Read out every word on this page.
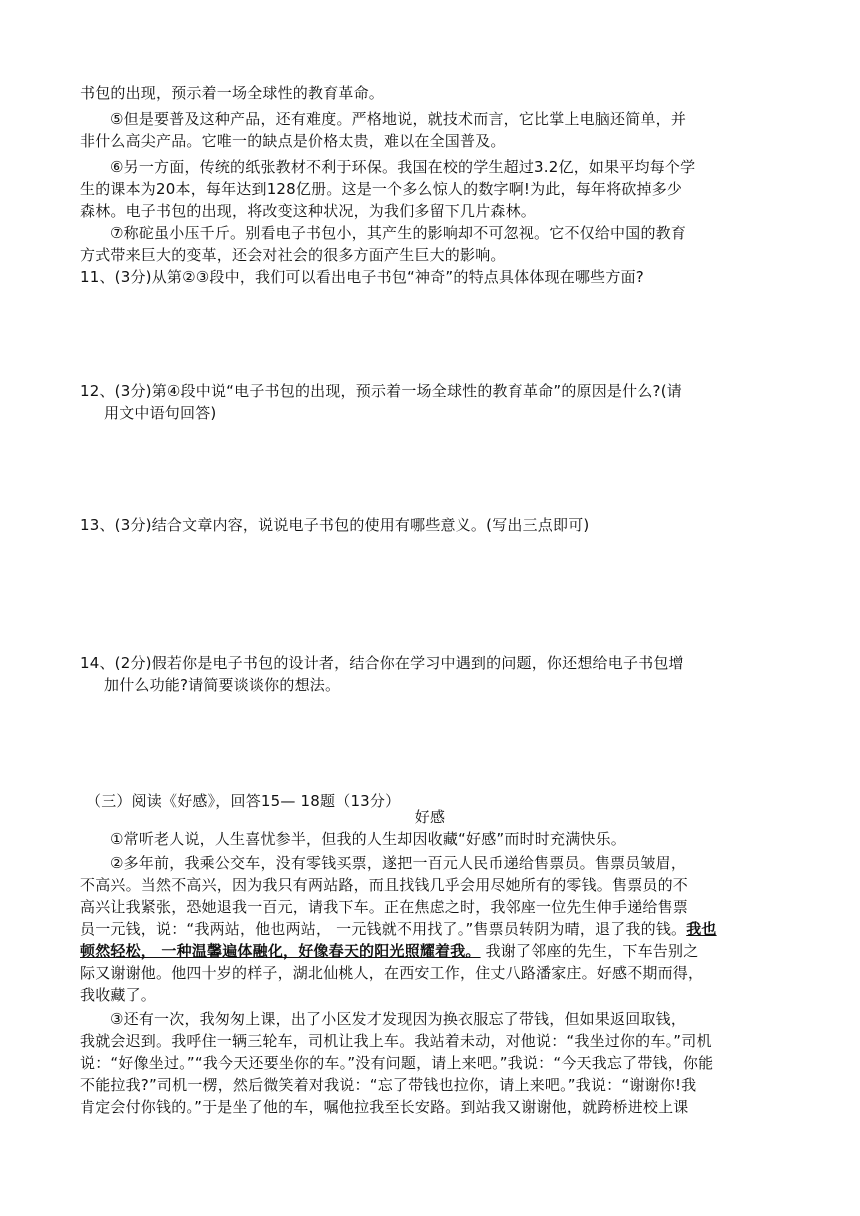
书包的出现，预示着一场全球性的教育革命。
⑤但是要普及这种产品，还有难度。严格地说，就技术而言，它比掌上电脑还简单，并
非什么高尖产品。它唯一的缺点是价格太贵，难以在全国普及。
⑥另一方面，传统的纸张教材不利于环保。我国在校的学生超过3.2亿，如果平均每个学
生的课本为20本，每年达到128亿册。这是一个多么惊人的数字啊!为此，每年将砍掉多少
森林。电子书包的出现，将改变这种状况，为我们多留下几片森林。
⑦称砣虽小压千斤。别看电子书包小，其产生的影响却不可忽视。它不仅给中国的教育
方式带来巨大的变革，还会对社会的很多方面产生巨大的影响。
11、(3分)从第②③段中，我们可以看出电子书包“神奇”的特点具体体现在哪些方面?
12、(3分)第④段中说“电子书包的出现，预示着一场全球性的教育革命”的原因是什么?(请
用文中语句回答)
13、(3分)结合文章内容，说说电子书包的使用有哪些意义。(写出三点即可)
14、(2分)假若你是电子书包的设计者，结合你在学习中遇到的问题，你还想给电子书包增
加什么功能?请简要谈谈你的想法。
（三）阅读《好感》，回答15— 18题（13分）
好感
①常听老人说，人生喜忧参半，但我的人生却因收藏“好感”而时时充满快乐。
②多年前，我乘公交车，没有零钱买票，遂把一百元人民币递给售票员。售票员皱眉，
不高兴。当然不高兴，因为我只有两站路，而且找钱几乎会用尽她所有的零钱。售票员的不
高兴让我紧张，恐她退我一百元，请我下车。正在焦虑之时，我邻座一位先生伸手递给售票
员一元钱，说：“我两站，他也两站， 一元钱就不用找了。”售票员转阴为晴，退了我的钱。我也
顿然轻松， 一种温馨遍体融化，好像春天的阳光照耀着我。 我谢了邻座的先生，下车告别之
际又谢谢他。他四十岁的样子，湖北仙桃人，在西安工作，住丈八路潘家庄。好感不期而得，
我收藏了。
③还有一次，我匆匆上课，出了小区发才发现因为换衣服忘了带钱，但如果返回取钱，
我就会迟到。我呼住一辆三轮车，司机让我上车。我站着未动，对他说：“我坐过你的车。”司机
说：“好像坐过。”“我今天还要坐你的车。”没有问题，请上来吧。”我说：“今天我忘了带钱，你能
不能拉我?”司机一楞，然后微笑着对我说：“忘了带钱也拉你，请上来吧。”我说：“谢谢你!我
肯定会付你钱的。”于是坐了他的车，嘱他拉我至长安路。到站我又谢谢他，就跨桥进校上课
